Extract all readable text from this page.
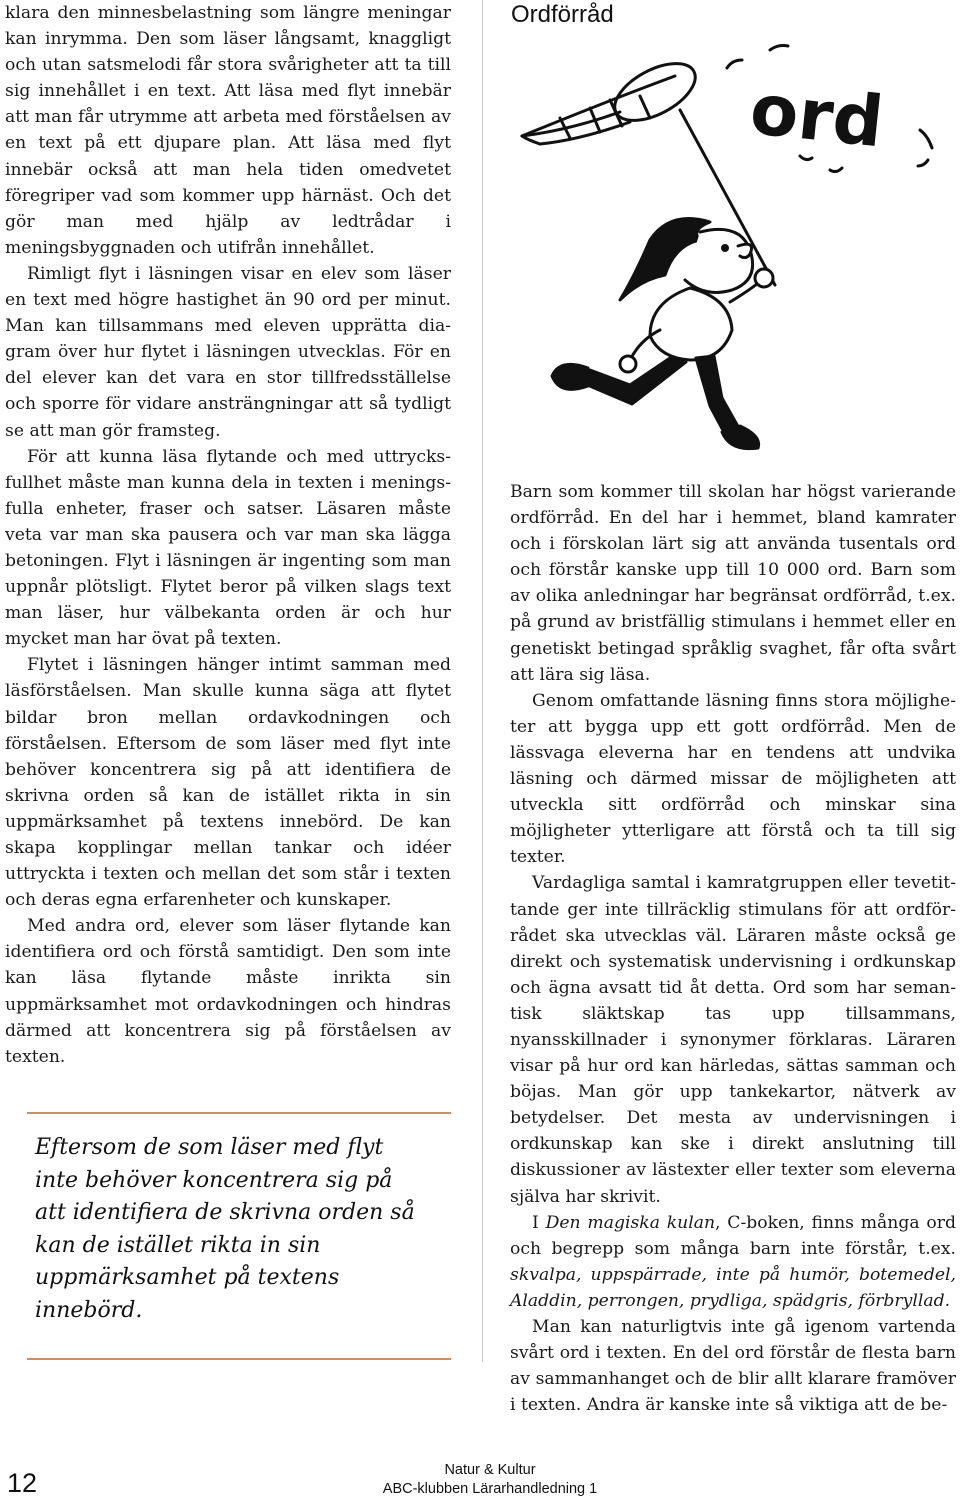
klara den minnesbelastning som längre meningar kan inrymma. Den som läser långsamt, knaggligt och utan satsmelodi får stora svårigheter att ta till sig innehållet i en text. Att läsa med flyt innebär att man får utrymme att arbeta med förståelsen av en text på ett djupare plan. Att läsa med flyt innebär också att man hela tiden omedvetet föregriper vad som kommer upp härnäst. Och det gör man med hjälp av ledtrådar i meningsbyggnaden och utifrån innehållet.

Rimligt flyt i läsningen visar en elev som läser en text med högre hastighet än 90 ord per minut. Man kan tillsammans med eleven upprätta diagram över hur flytet i läsningen utvecklas. För en del elever kan det vara en stor tillfredsställelse och sporre för vidare ansträngningar att så tydligt se att man gör framsteg.

För att kunna läsa flytande och med uttrycksfullhet måste man kunna dela in texten i meningsfulla enheter, fraser och satser. Läsaren måste veta var man ska pausera och var man ska lägga betoningen. Flyt i läsningen är ingenting som man uppnår plötsligt. Flytet beror på vilken slags text man läser, hur välbekanta orden är och hur mycket man har övat på texten.

Flytet i läsningen hänger intimt samman med läsförståelsen. Man skulle kunna säga att flytet bildar bron mellan ordavkodningen och förståelsen. Eftersom de som läser med flyt inte behöver koncentrera sig på att identifiera de skrivna orden så kan de istället rikta in sin uppmärksamhet på textens innebörd. De kan skapa kopplingar mellan tankar och idéer uttryckta i texten och mellan det som står i texten och deras egna erfarenheter och kunskaper.

Med andra ord, elever som läser flytande kan identifiera ord och förstå samtidigt. Den som inte kan läsa flytande måste inrikta sin uppmärksamhet mot ordavkodningen och hindras därmed att koncentrera sig på förståelsen av texten.

Eftersom de som läser med flyt inte behöver koncentrera sig på att identifiera de skrivna orden så kan de istället rikta in sin uppmärksamhet på textens innebörd.
Ordförråd
ord

Barn som kommer till skolan har högst varierande ordförråd. En del har i hemmet, bland kamrater och i förskolan lärt sig att använda tusentals ord och förstår kanske upp till 10 000 ord. Barn som av olika anledningar har begränsat ordförråd, t.ex. på grund av bristfällig stimulans i hemmet eller en genetiskt betingad språklig svaghet, får ofta svårt att lära sig läsa.

Genom omfattande läsning finns stora möjligheter att bygga upp ett gott ordförråd. Men de lässvaga eleverna har en tendens att undvika läsning och därmed missar de möjligheten att utveckla sitt ordförråd och minskar sina möjligheter ytterligare att förstå och ta till sig texter.

Vardagliga samtal i kamratgruppen eller tevetittande ger inte tillräcklig stimulans för att ordförrådet ska utvecklas väl. Läraren måste också ge direkt och systematisk undervisning i ordkunskap och ägna avsatt tid åt detta. Ord som har semantisk släktskap tas upp tillsammans, nyansskillnader i synonymer förklaras. Läraren visar på hur ord kan härledas, sättas samman och böjas. Man gör upp tankekartor, nätverk av betydelser. Det mesta av undervisningen i ordkunskap kan ske i direkt anslutning till diskussioner av lästexter eller texter som eleverna själva har skrivit.

I Den magiska kulan, C-boken, finns många ord och begrepp som många barn inte förstår, t.ex. skvalpa, uppspärrade, inte på humör, botemedel, Aladdin, perrongen, prydliga, spädgris, förbryllad.

Man kan naturligtvis inte gå igenom vartenda svårt ord i texten. En del ord förstår de flesta barn av sammanhanget och de blir allt klarare framöver i texten. Andra är kanske inte så viktiga att de be-

12	Natur & Kultur
ABC-klubben Lärarhandledning 1
